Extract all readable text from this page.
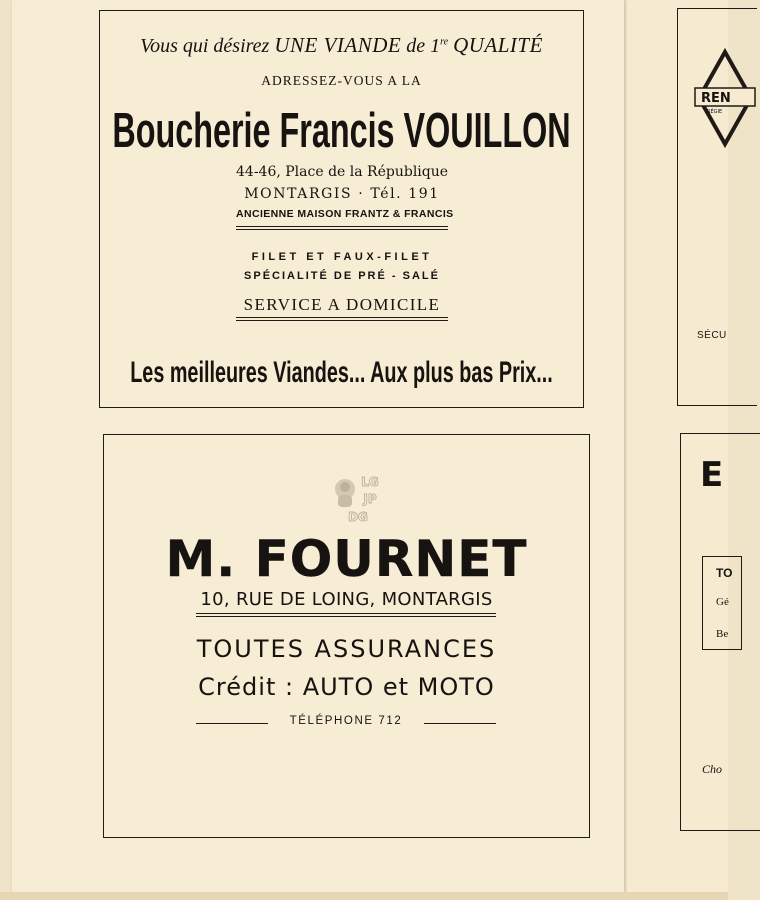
Vous qui désirez UNE VIANDE de 1re QUALITÉ
ADRESSEZ-VOUS A LA
Boucherie Francis VOUILLON
44-46, Place de la République
MONTARGIS · Tél. 191
ANCIENNE MAISON FRANTZ & FRANCIS
FILET ET FAUX-FILET
SPÉCIALITÉ DE PRÉ - SALÉ
SERVICE A DOMICILE
Les meilleures Viandes... Aux plus bas Prix...
LG
JP
DG
M. FOURNET
10, RUE DE LOING, MONTARGIS
TOUTES ASSURANCES
Crédit : AUTO et MOTO
TÉLÉPHONE 712
REN
RÉGIE
SÉCU
E
TO
Gé
Be
Cho
